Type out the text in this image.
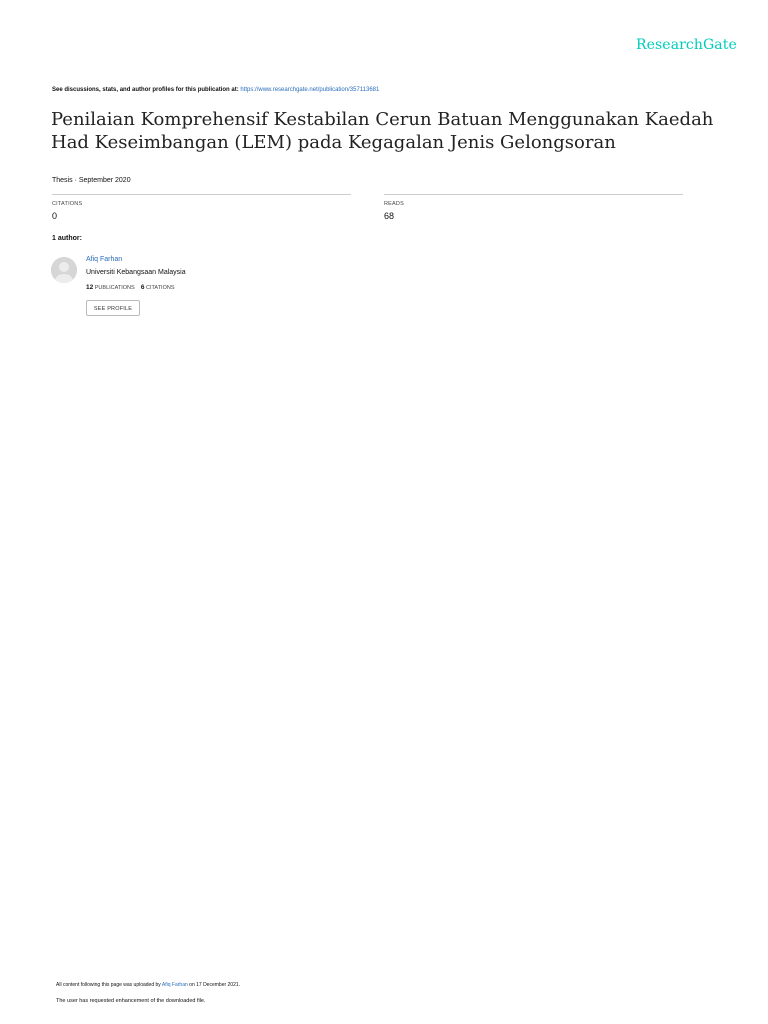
ResearchGate
See discussions, stats, and author profiles for this publication at: https://www.researchgate.net/publication/357113681
Penilaian Komprehensif Kestabilan Cerun Batuan Menggunakan Kaedah Had Keseimbangan (LEM) pada Kegagalan Jenis Gelongsoran
Thesis · September 2020
CITATIONS
0
READS
68
1 author:
Afiq Farhan
Universiti Kebangsaan Malaysia
12 PUBLICATIONS 6 CITATIONS
SEE PROFILE
All content following this page was uploaded by Afiq Farhan on 17 December 2021.
The user has requested enhancement of the downloaded file.
